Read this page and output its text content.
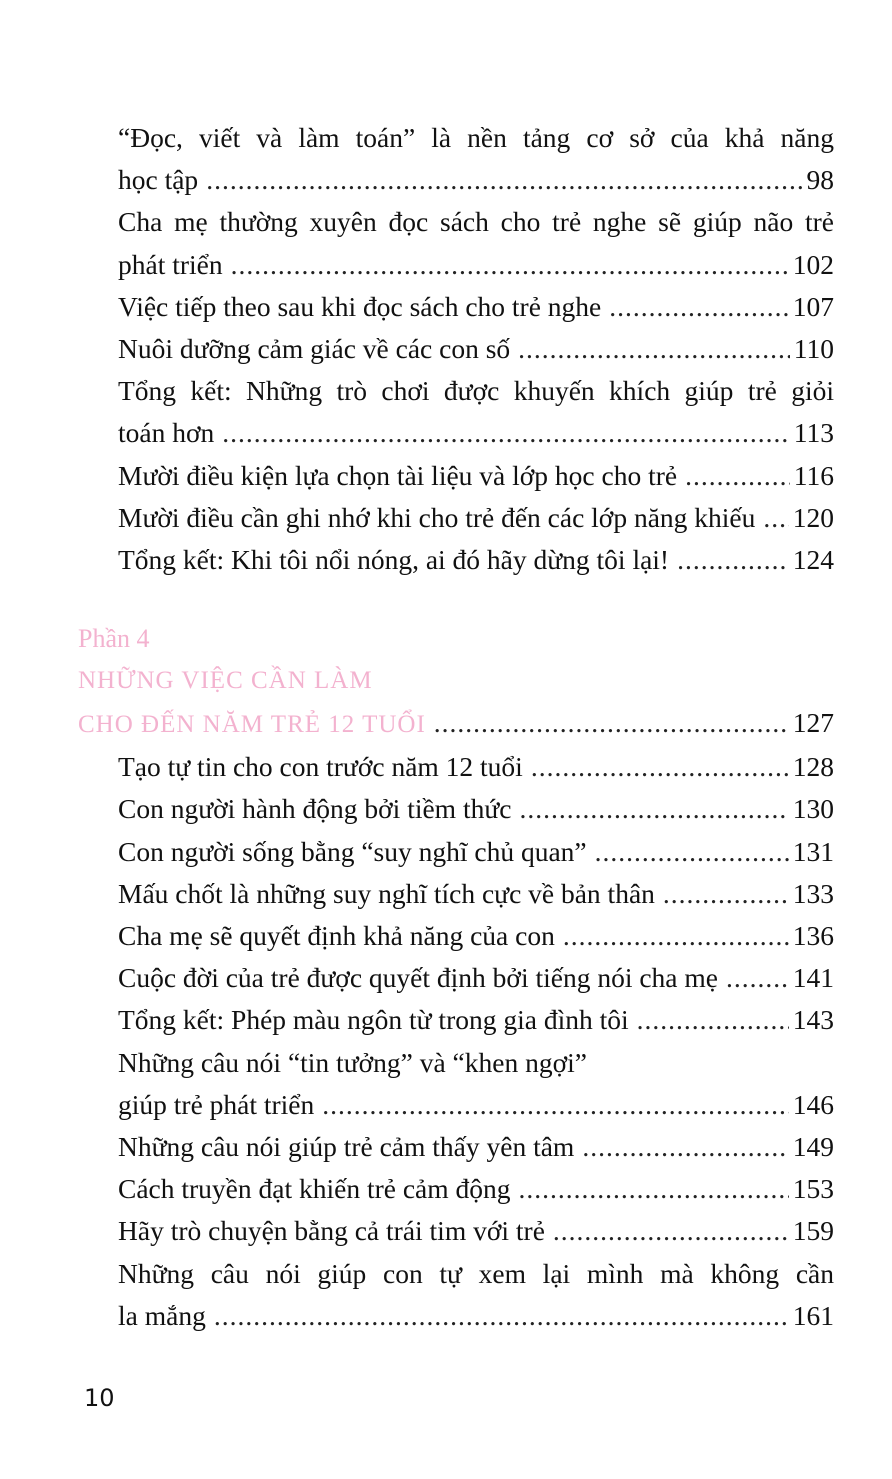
“Đọc, viết và làm toán” là nền tảng cơ sở của khả năng
học tập .....	98
Cha mẹ thường xuyên đọc sách cho trẻ nghe sẽ giúp não trẻ
phát triển .....	102
Việc tiếp theo sau khi đọc sách cho trẻ nghe .....	107
Nuôi dưỡng cảm giác về các con số .....	110
Tổng kết: Những trò chơi được khuyến khích giúp trẻ giỏi
toán hơn .....	113
Mười điều kiện lựa chọn tài liệu và lớp học cho trẻ .....	116
Mười điều cần ghi nhớ khi cho trẻ đến các lớp năng khiếu ..... 120
Tổng kết: Khi tôi nổi nóng, ai đó hãy dừng tôi lại! .....	124
Phần 4
NHỮNG VIỆC CẦN LÀM
CHO ĐẾN NĂM TRẺ 12 TUỔI .....	127
Tạo tự tin cho con trước năm 12 tuổi .....	128
Con người hành động bởi tiềm thức .....	130
Con người sống bằng “suy nghĩ chủ quan” .....	131
Mấu chốt là những suy nghĩ tích cực về bản thân .....	133
Cha mẹ sẽ quyết định khả năng của con .....	136
Cuộc đời của trẻ được quyết định bởi tiếng nói cha mẹ .....	141
Tổng kết: Phép màu ngôn từ trong gia đình tôi .....	143
Những câu nói “tin tưởng” và “khen ngợi”
giúp trẻ phát triển .....	146
Những câu nói giúp trẻ cảm thấy yên tâm .....	149
Cách truyền đạt khiến trẻ cảm động .....	153
Hãy trò chuyện bằng cả trái tim với trẻ .....	159
Những câu nói giúp con tự xem lại mình mà không cần
la mắng .....	161
10
